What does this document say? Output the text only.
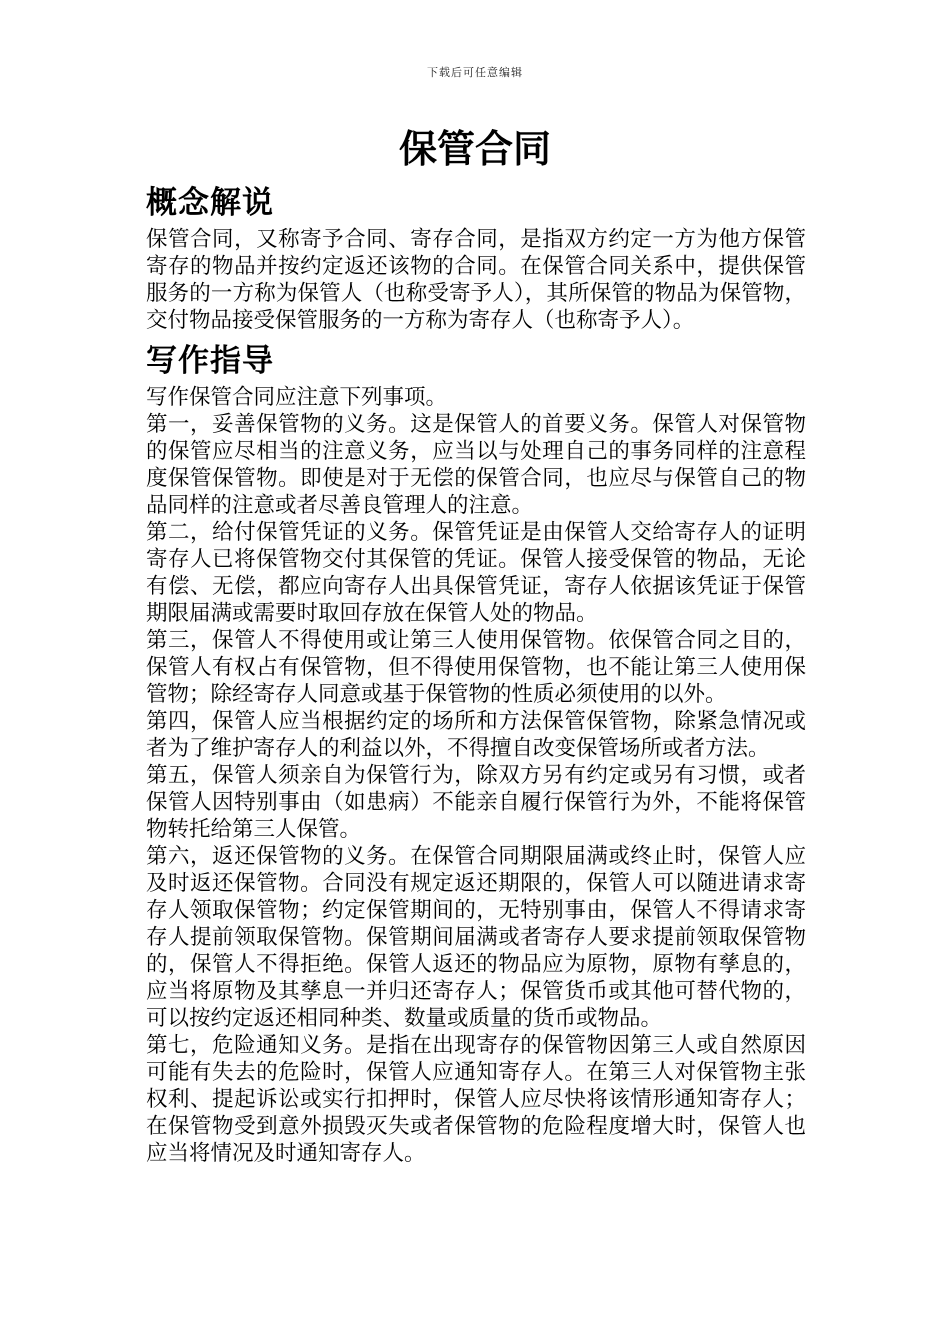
下载后可任意编辑
保管合同
概念解说

保管合同，又称寄予合同、寄存合同，是指双方约定一方为他方保管寄存的物品并按约定返还该物的合同。在保管合同关系中，提供保管服务的一方称为保管人（也称受寄予人），其所保管的物品为保管物，交付物品接受保管服务的一方称为寄存人（也称寄予人）。

写作指导

写作保管合同应注意下列事项。

第一，妥善保管物的义务。这是保管人的首要义务。保管人对保管物的保管应尽相当的注意义务，应当以与处理自己的事务同样的注意程度保管保管物。即使是对于无偿的保管合同，也应尽与保管自己的物品同样的注意或者尽善良管理人的注意。

第二，给付保管凭证的义务。保管凭证是由保管人交给寄存人的证明寄存人已将保管物交付其保管的凭证。保管人接受保管的物品，无论有偿、无偿，都应向寄存人出具保管凭证，寄存人依据该凭证于保管期限届满或需要时取回存放在保管人处的物品。

第三，保管人不得使用或让第三人使用保管物。依保管合同之目的，保管人有权占有保管物，但不得使用保管物，也不能让第三人使用保管物；除经寄存人同意或基于保管物的性质必须使用的以外。

第四，保管人应当根据约定的场所和方法保管保管物，除紧急情况或者为了维护寄存人的利益以外，不得擅自改变保管场所或者方法。

第五，保管人须亲自为保管行为，除双方另有约定或另有习惯，或者保管人因特别事由（如患病）不能亲自履行保管行为外，不能将保管物转托给第三人保管。

第六，返还保管物的义务。在保管合同期限届满或终止时，保管人应及时返还保管物。合同没有规定返还期限的，保管人可以随进请求寄存人领取保管物；约定保管期间的，无特别事由，保管人不得请求寄存人提前领取保管物。保管期间届满或者寄存人要求提前领取保管物的，保管人不得拒绝。保管人返还的物品应为原物，原物有孳息的，应当将原物及其孳息一并归还寄存人；保管货币或其他可替代物的，可以按约定返还相同种类、数量或质量的货币或物品。

第七，危险通知义务。是指在出现寄存的保管物因第三人或自然原因可能有失去的危险时，保管人应通知寄存人。在第三人对保管物主张权利、提起诉讼或实行扣押时，保管人应尽快将该情形通知寄存人；在保管物受到意外损毁灭失或者保管物的危险程度增大时，保管人也应当将情况及时通知寄存人。
